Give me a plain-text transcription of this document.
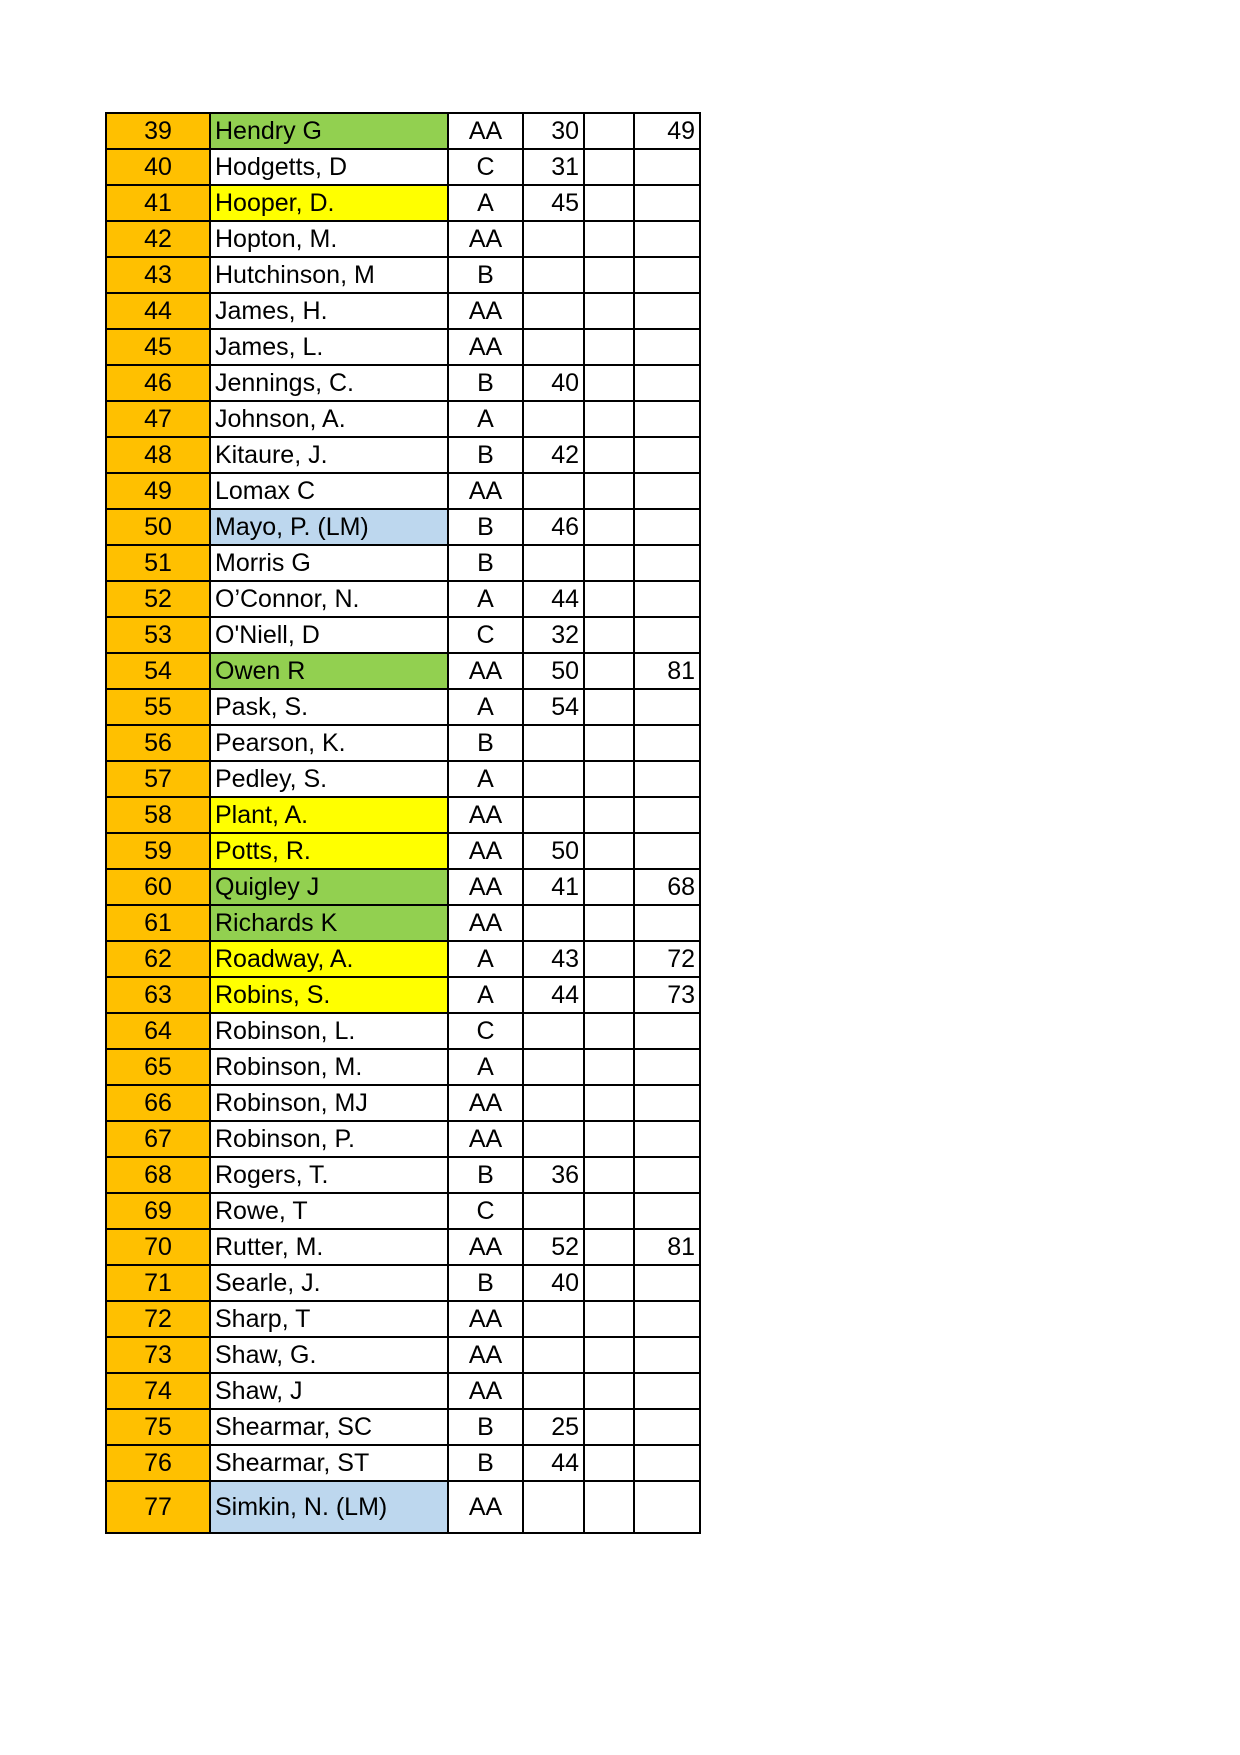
39	Hendry G	AA	30		49
40	Hodgetts, D	C	31		
41	Hooper, D.	A	45		
42	Hopton, M.	AA			
43	Hutchinson, M	B			
44	James, H.	AA			
45	James, L.	AA			
46	Jennings, C.	B	40		
47	Johnson, A.	A			
48	Kitaure, J.	B	42		
49	Lomax C	AA			
50	Mayo, P. (LM)	B	46		
51	Morris G	B			
52	O’Connor, N.	A	44		
53	O'Niell, D	C	32		
54	Owen R	AA	50		81
55	Pask, S.	A	54		
56	Pearson, K.	B			
57	Pedley, S.	A			
58	Plant, A.	AA			
59	Potts, R.	AA	50		
60	Quigley J	AA	41		68
61	Richards K	AA			
62	Roadway, A.	A	43		72
63	Robins, S.	A	44		73
64	Robinson, L.	C			
65	Robinson, M.	A			
66	Robinson, MJ	AA			
67	Robinson, P.	AA			
68	Rogers, T.	B	36		
69	Rowe, T	C			
70	Rutter, M.	AA	52		81
71	Searle, J.	B	40		
72	Sharp, T	AA			
73	Shaw, G.	AA			
74	Shaw, J	AA			
75	Shearmar, SC	B	25		
76	Shearmar, ST	B	44		
77	Simkin, N. (LM)	AA			
